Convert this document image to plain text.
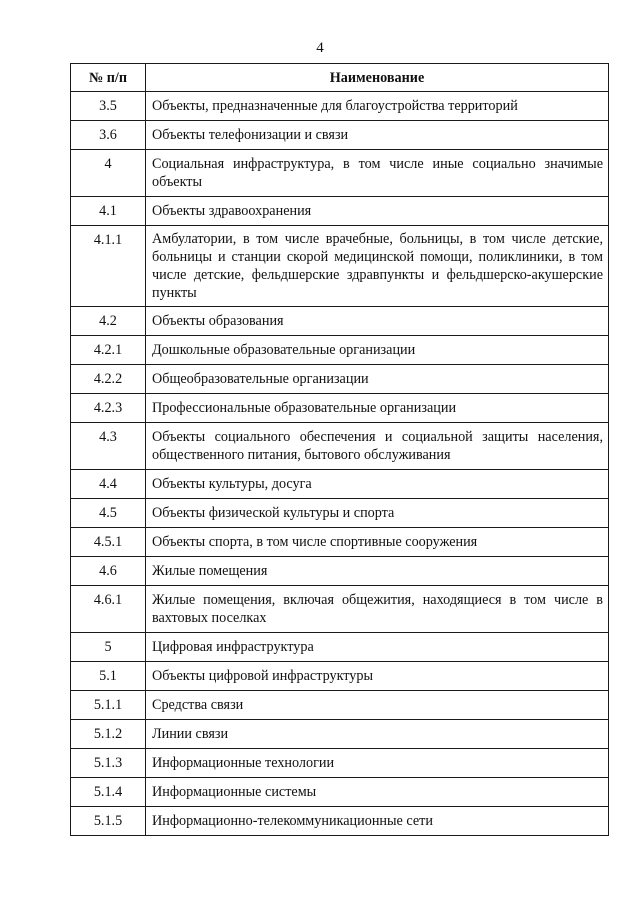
4
№ п/п	Наименование
3.5	Объекты, предназначенные для благоустройства территорий
3.6	Объекты телефонизации и связи
4	Социальная инфраструктура, в том числе иные социально значимые объекты
4.1	Объекты здравоохранения
4.1.1	Амбулатории, в том числе врачебные, больницы, в том числе детские, больницы и станции скорой медицинской помощи, поликлиники, в том числе детские, фельдшерские здравпункты и фельдшерско-акушерские пункты
4.2	Объекты образования
4.2.1	Дошкольные образовательные организации
4.2.2	Общеобразовательные организации
4.2.3	Профессиональные образовательные организации
4.3	Объекты социального обеспечения и социальной защиты населения, общественного питания, бытового обслуживания
4.4	Объекты культуры, досуга
4.5	Объекты физической культуры и спорта
4.5.1	Объекты спорта, в том числе спортивные сооружения
4.6	Жилые помещения
4.6.1	Жилые помещения, включая общежития, находящиеся в том числе в вахтовых поселках
5	Цифровая инфраструктура
5.1	Объекты цифровой инфраструктуры
5.1.1	Средства связи
5.1.2	Линии связи
5.1.3	Информационные технологии
5.1.4	Информационные системы
5.1.5	Информационно-телекоммуникационные сети
